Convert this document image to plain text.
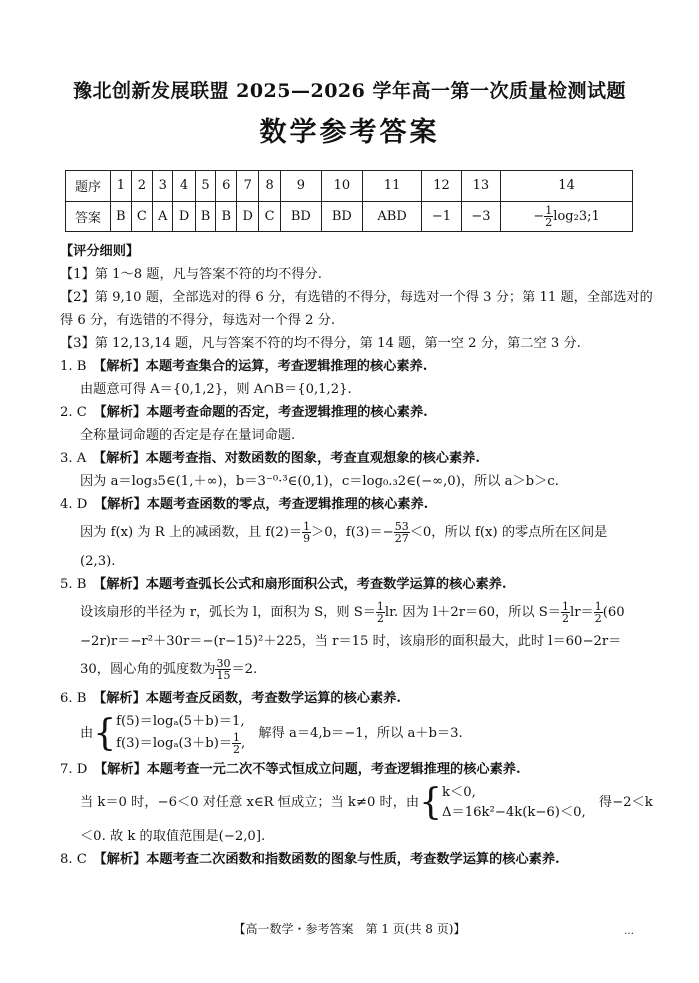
豫北创新发展联盟 2025—2026 学年高一第一次质量检测试题
数学参考答案
题序	1	2	3	4	5	6	7	8	9	10	11	12	13	14
答案	B	C	A	D	B	B	D	C	BD	BD	ABD	−1	−3	− $\frac{1}{2}$ log₂3;1
【评分细则】
【1】第 1～8 题，凡与答案不符的均不得分.
【2】第 9,10 题，全部选对的得 6 分，有选错的不得分，每选对一个得 3 分；第 11 题，全部选对的
得 6 分，有选错的不得分，每选对一个得 2 分.
【3】第 12,13,14 题，凡与答案不符的均不得分，第 14 题，第一空 2 分，第二空 3 分.
1. B　 【解析】本题考查集合的运算，考查逻辑推理的核心素养.
由题意可得 A＝{0,1,2}，则 A∩B＝{0,1,2}.
2. C　 【解析】本题考查命题的否定，考查逻辑推理的核心素养.
全称量词命题的否定是存在量词命题.
3. A　 【解析】本题考查指、对数函数的图象，考查直观想象的核心素养.
因为 a＝log₃5∈(1,＋∞)，b＝3⁻⁰·³∈(0,1)，c＝log₀.₃2∈(−∞,0)，所以 a＞b＞c.
4. D　 【解析】本题考查函数的零点，考查逻辑推理的核心素养.
因为 f(x) 为 R 上的减函数，且 $f(2)= \frac{1}{9} >0$，$f(3)=- \frac{53}{27} <0$，所以 f(x) 的零点所在区间是
(2,3).
5. B　 【解析】本题考查弧长公式和扇形面积公式，考查数学运算的核心素养.
设该扇形的半径为 r，弧长为 l，面积为 S，则 $S= \frac{1}{2}$ lr. 因为 l＋2r＝60，所以 $S= \frac{1}{2} lr= \frac{1}{2} (60$
−2r)r＝−r²＋30r＝−(r−15)²＋225，当 r＝15 时，该扇形的面积最大，此时 l＝60−2r＝
30，圆心角的弧度数为 $\frac{30}{15} =2$.
6. B　 【解析】本题考查反函数，考查数学运算的核心素养.
由{ f(5)＝logₐ(5＋b)＝1,
$f(3)=\log_a(3+b)= \frac{1}{2}$ ,
　解得 a＝4,b＝−1，所以 a＋b＝3.
7. D　 【解析】本题考查一元二次不等式恒成立问题，考查逻辑推理的核心素养.
当 k＝0 时，−6＜0 对任意 x∈R 恒成立；当 k≠0 时，由{ k＜0,
Δ＝16k²−4k(k−6)＜0,
　得−2＜k
＜0. 故 k 的取值范围是(−2,0].
8. C　 【解析】本题考查二次函数和指数函数的图象与性质，考查数学运算的核心素养.
【高一数学・参考答案　第 1 页(共 8 页)】	…
